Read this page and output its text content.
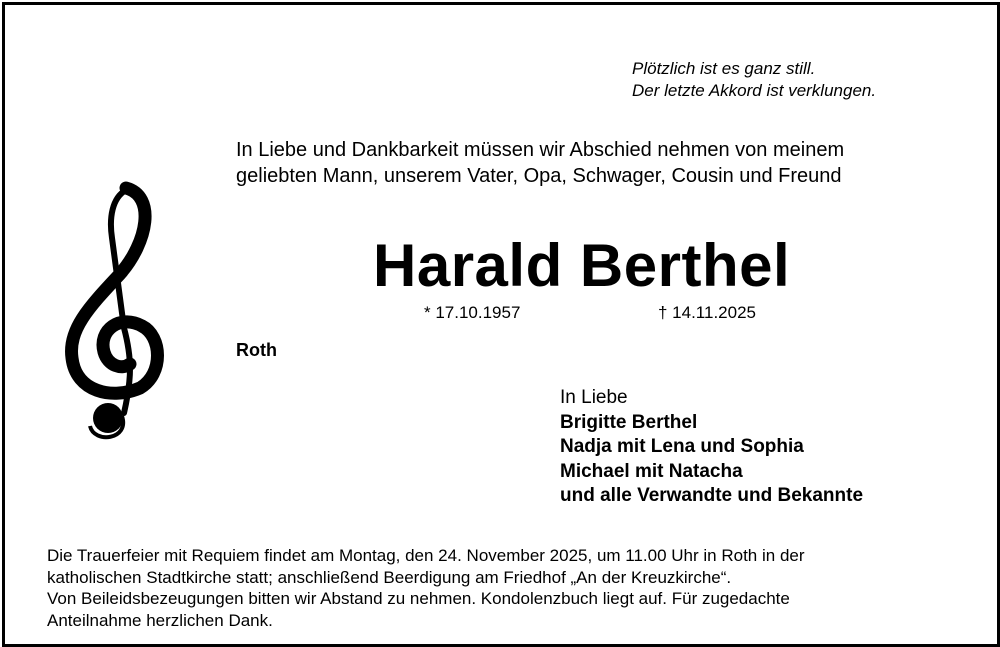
Plötzlich ist es ganz still.
Der letzte Akkord ist verklungen.
In Liebe und Dankbarkeit müssen wir Abschied nehmen von meinem
geliebten Mann, unserem Vater, Opa, Schwager, Cousin und Freund
Harald Berthel
* 17.10.1957	† 14.11.2025
Roth
In Liebe
Brigitte Berthel
Nadja mit Lena und Sophia
Michael mit Natacha
und alle Verwandte und Bekannte
Die Trauerfeier mit Requiem findet am Montag, den 24. November 2025, um 11.00 Uhr in Roth in der
katholischen Stadtkirche statt; anschließend Beerdigung am Friedhof „An der Kreuzkirche“.
Von Beileidsbezeugungen bitten wir Abstand zu nehmen. Kondolenzbuch liegt auf. Für zugedachte
Anteilnahme herzlichen Dank.
